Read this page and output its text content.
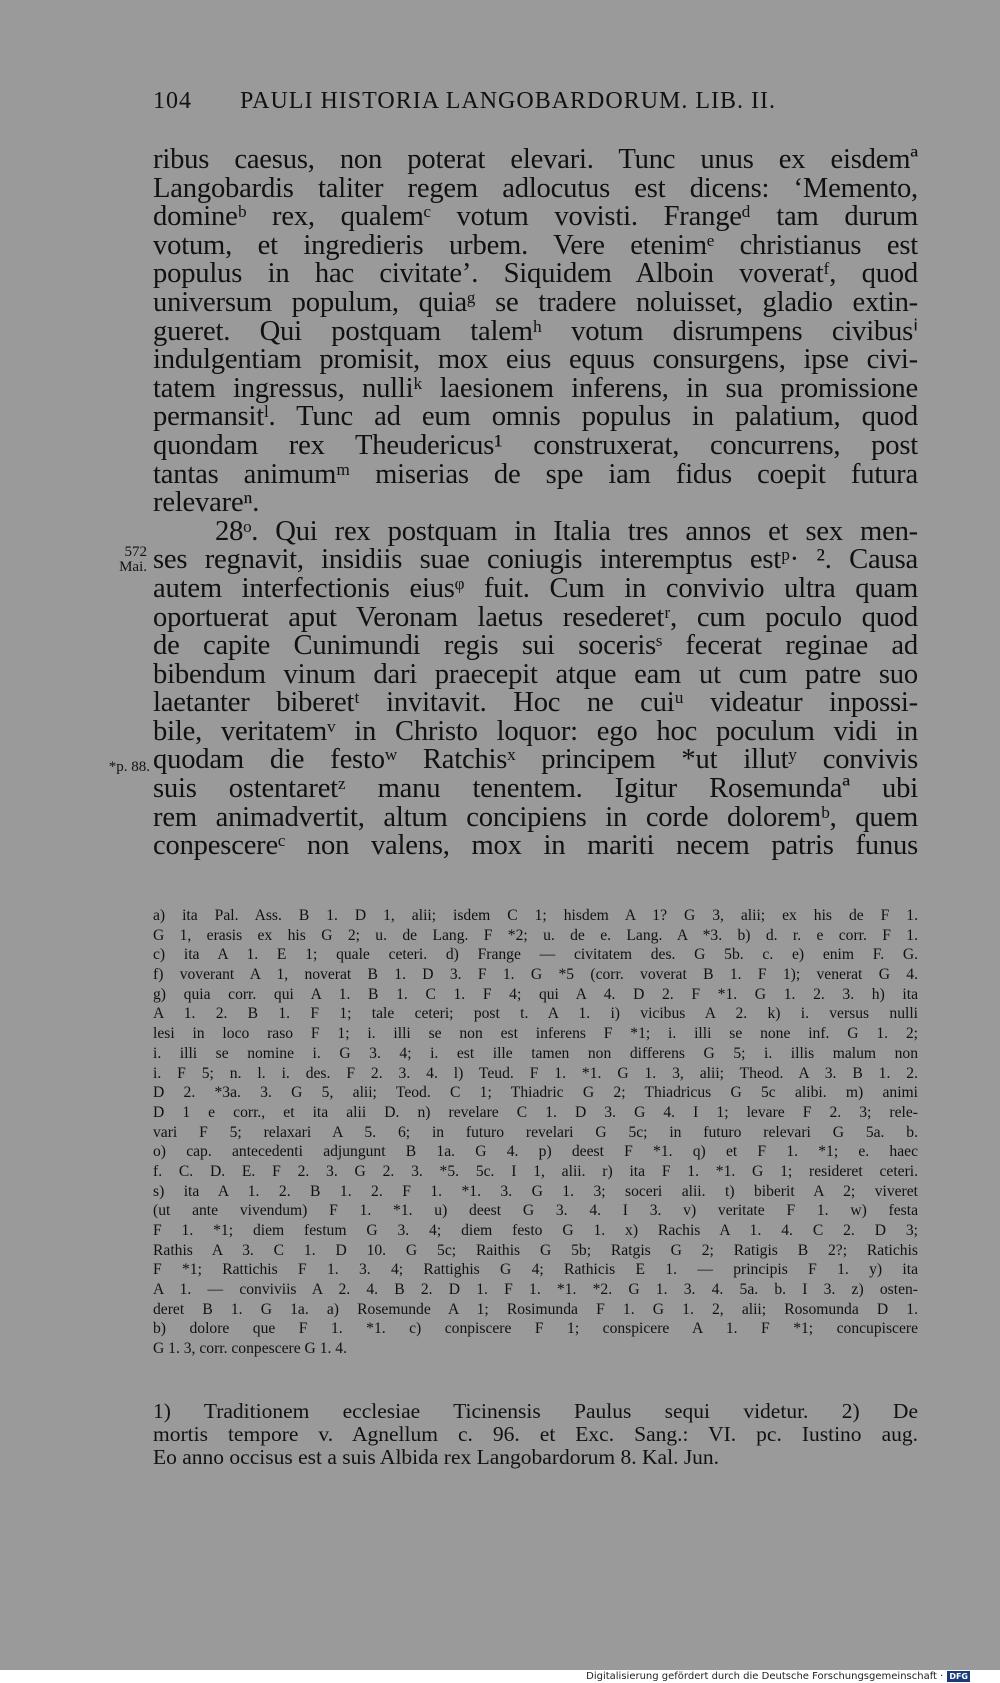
104 PAULI HISTORIA LANGOBARDORUM. LIB. II.
ribus caesus, non poterat elevari. Tunc unus ex eisdemª
Langobardis taliter regem adlocutus est dicens: ‘Memento,
domineᵇ rex, qualemᶜ votum vovisti. Frangeᵈ tam durum
votum, et ingredieris urbem. Vere etenimᵉ christianus est
populus in hac civitate’. Siquidem Alboin voveratᶠ, quod
universum populum, quiaᵍ se tradere noluisset, gladio extin-
gueret. Qui postquam talemʰ votum disrumpens civibusⁱ
indulgentiam promisit, mox eius equus consurgens, ipse civi-
tatem ingressus, nulliᵏ laesionem inferens, in sua promissione
permansitˡ. Tunc ad eum omnis populus in palatium, quod
quondam rex Theudericus¹ construxerat, concurrens, post
tantas animumᵐ miserias de spe iam fidus coepit futura
relevareⁿ.
28ᵒ. Qui rex postquam in Italia tres annos et sex men-
ses regnavit, insidiis suae coniugis interemptus estᵖ· ². Causa
autem interfectionis eiusᵠ fuit. Cum in convivio ultra quam
oportuerat aput Veronam laetus resederetʳ, cum poculo quod
de capite Cunimundi regis sui socerisˢ fecerat reginae ad
bibendum vinum dari praecepit atque eam ut cum patre suo
laetanter biberetᵗ invitavit. Hoc ne cuiᵘ videatur inpossi-
bile, veritatemᵛ in Christo loquor: ego hoc poculum vidi in
quodam die festoʷ Ratchisˣ principem *ut illutʸ convivis
suis ostentaretᶻ manu tenentem. Igitur Rosemundaª ubi
rem animadvertit, altum concipiens in corde doloremᵇ, quem
conpescereᶜ non valens, mox in mariti necem patris funus
572
Mai.
*p. 88.
a) ita Pal. Ass. B 1. D 1, alii; isdem C 1; hisdem A 1? G 3, alii; ex his de F 1.
G 1, erasis ex his G 2; u. de Lang. F *2; u. de e. Lang. A *3. b) d. r. e corr. F 1.
c) ita A 1. E 1; quale ceteri. d) Frange — civitatem des. G 5b. c. e) enim F. G.
f) voverant A 1, noverat B 1. D 3. F 1. G *5 (corr. voverat B 1. F 1); venerat G 4.
g) quia corr. qui A 1. B 1. C 1. F 4; qui A 4. D 2. F *1. G 1. 2. 3. h) ita
A 1. 2. B 1. F 1; tale ceteri; post t. A 1. i) vicibus A 2. k) i. versus nulli
lesi in loco raso F 1; i. illi se non est inferens F *1; i. illi se none inf. G 1. 2;
i. illi se nomine i. G 3. 4; i. est ille tamen non differens G 5; i. illis malum non
i. F 5; n. l. i. des. F 2. 3. 4. l) Teud. F 1. *1. G 1. 3, alii; Theod. A 3. B 1. 2.
D 2. *3a. 3. G 5, alii; Teod. C 1; Thiadric G 2; Thiadricus G 5c alibi. m) animi
D 1 e corr., et ita alii D. n) revelare C 1. D 3. G 4. I 1; levare F 2. 3; rele-
vari F 5; relaxari A 5. 6; in futuro revelari G 5c; in futuro relevari G 5a. b.
o) cap. antecedenti adjungunt B 1a. G 4. p) deest F *1. q) et F 1. *1; e. haec
f. C. D. E. F 2. 3. G 2. 3. *5. 5c. I 1, alii. r) ita F 1. *1. G 1; resideret ceteri.
s) ita A 1. 2. B 1. 2. F 1. *1. 3. G 1. 3; soceri alii. t) biberit A 2; viveret
(ut ante vivendum) F 1. *1. u) deest G 3. 4. I 3. v) veritate F 1. w) festa
F 1. *1; diem festum G 3. 4; diem festo G 1. x) Rachis A 1. 4. C 2. D 3;
Rathis A 3. C 1. D 10. G 5c; Raithis G 5b; Ratgis G 2; Ratigis B 2?; Ratichis
F *1; Rattichis F 1. 3. 4; Rattighis G 4; Rathicis E 1. — principis F 1. y) ita
A 1. — conviviis A 2. 4. B 2. D 1. F 1. *1. *2. G 1. 3. 4. 5a. b. I 3. z) osten-
deret B 1. G 1a. a) Rosemunde A 1; Rosimunda F 1. G 1. 2, alii; Rosomunda D 1.
b) dolore que F 1. *1. c) conpiscere F 1; conspicere A 1. F *1; concupiscere
G 1. 3, corr. conpescere G 1. 4.
1) Traditionem ecclesiae Ticinensis Paulus sequi videtur. 2) De
mortis tempore v. Agnellum c. 96. et Exc. Sang.: VI. pc. Iustino aug.
Eo anno occisus est a suis Albida rex Langobardorum 8. Kal. Jun.
Digitalisierung gefördert durch die Deutsche Forschungsgemeinschaft · DFG
